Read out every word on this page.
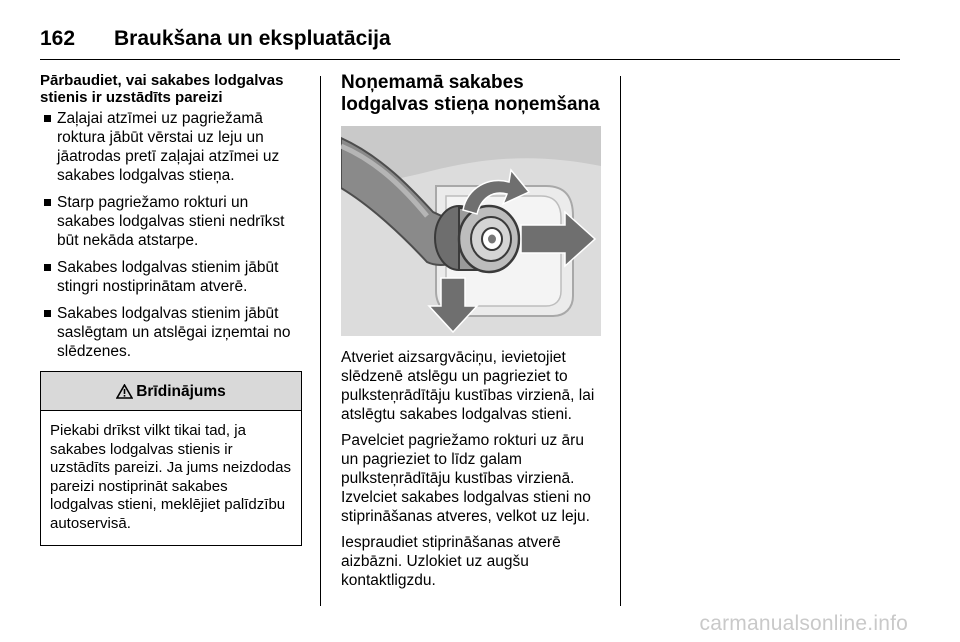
162	Braukšana un ekspluatācija

Pārbaudiet, vai sakabes lodgalvas stienis ir uzstādīts pareizi

Zaļajai atzīmei uz pagriežamā roktura jābūt vērstai uz leju un jāatrodas pretī zaļajai atzīmei uz sakabes lodgalvas stieņa.
Starp pagriežamo rokturi un sakabes lodgalvas stieni nedrīkst būt nekāda atstarpe.
Sakabes lodgalvas stienim jābūt stingri nostiprinātam atverē.
Sakabes lodgalvas stienim jābūt saslēgtam un atslēgai izņemtai no slēdzenes.
Brīdinājums
Piekabi drīkst vilkt tikai tad, ja sakabes lodgalvas stienis ir uzstādīts pareizi. Ja jums neizdodas pareizi nostiprināt sakabes lodgalvas stieni, meklējiet palīdzību autoservisā.
Noņemamā sakabes lodgalvas stieņa noņemšana

Atveriet aizsargvāciņu, ievietojiet slēdzenē atslēgu un pagrieziet to pulksteņrādītāju kustības virzienā, lai atslēgtu sakabes lodgalvas stieni.

Pavelciet pagriežamo rokturi uz āru un pagrieziet to līdz galam pulksteņrādītāju kustības virzienā. Izvelciet sakabes lodgalvas stieni no stiprināšanas atveres, velkot uz leju.

Iespraudiet stiprināšanas atverē aizbāzni. Uzlokiet uz augšu kontaktligzdu.

carmanualsonline.info
